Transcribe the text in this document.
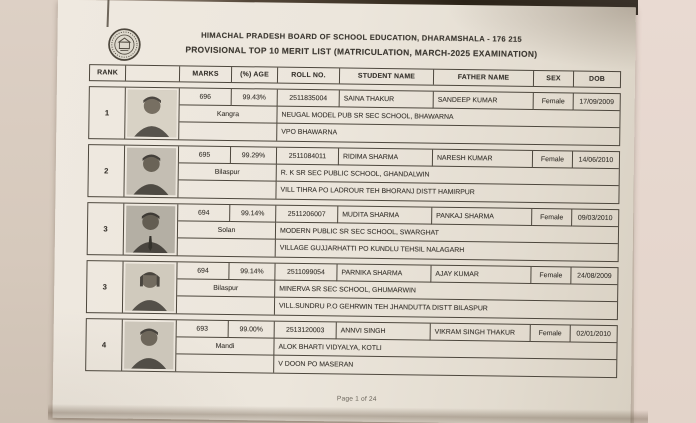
HIMACHAL PRADESH BOARD OF SCHOOL EDUCATION, DHARAMSHALA - 176 215
PROVISIONAL TOP 10 MERIT LIST (MATRICULATION, MARCH-2025 EXAMINATION)
RANK	MARKS	(%) AGE	ROLL NO.	STUDENT NAME	FATHER NAME	SEX	DOB
1
696	99.43%	2511835004	SAINA THAKUR	SANDEEP KUMAR	Female	17/09/2009
Kangra	NEUGAL MODEL PUB SR SEC SCHOOL, BHAWARNA
VPO BHAWARNA
2
695	99.29%	2511084011	RIDIMA SHARMA	NARESH KUMAR	Female	14/06/2010
Bilaspur	R. K SR SEC PUBLIC SCHOOL, GHANDALWIN
VILL TIHRA PO LADROUR TEH BHORANJ DISTT HAMIRPUR
3
694	99.14%	2511206007	MUDITA SHARMA	PANKAJ SHARMA	Female	09/03/2010
Solan	MODERN PUBLIC SR SEC SCHOOL, SWARGHAT
VILLAGE GUJJARHATTI PO KUNDLU TEHSIL NALAGARH
3
694	99.14%	2511099054	PARNIKA SHARMA	AJAY KUMAR	Female	24/08/2009
Bilaspur	MINERVA SR SEC SCHOOL, GHUMARWIN
VILL.SUNDRU P.O GEHRWIN TEH JHANDUTTA DISTT BILASPUR
4
693	99.00%	2513120003	ANNVI SINGH	VIKRAM SINGH THAKUR	Female	02/01/2010
Mandi	ALOK BHARTI VIDYALYA, KOTLI
V DOON PO MASERAN
Page 1 of 24
